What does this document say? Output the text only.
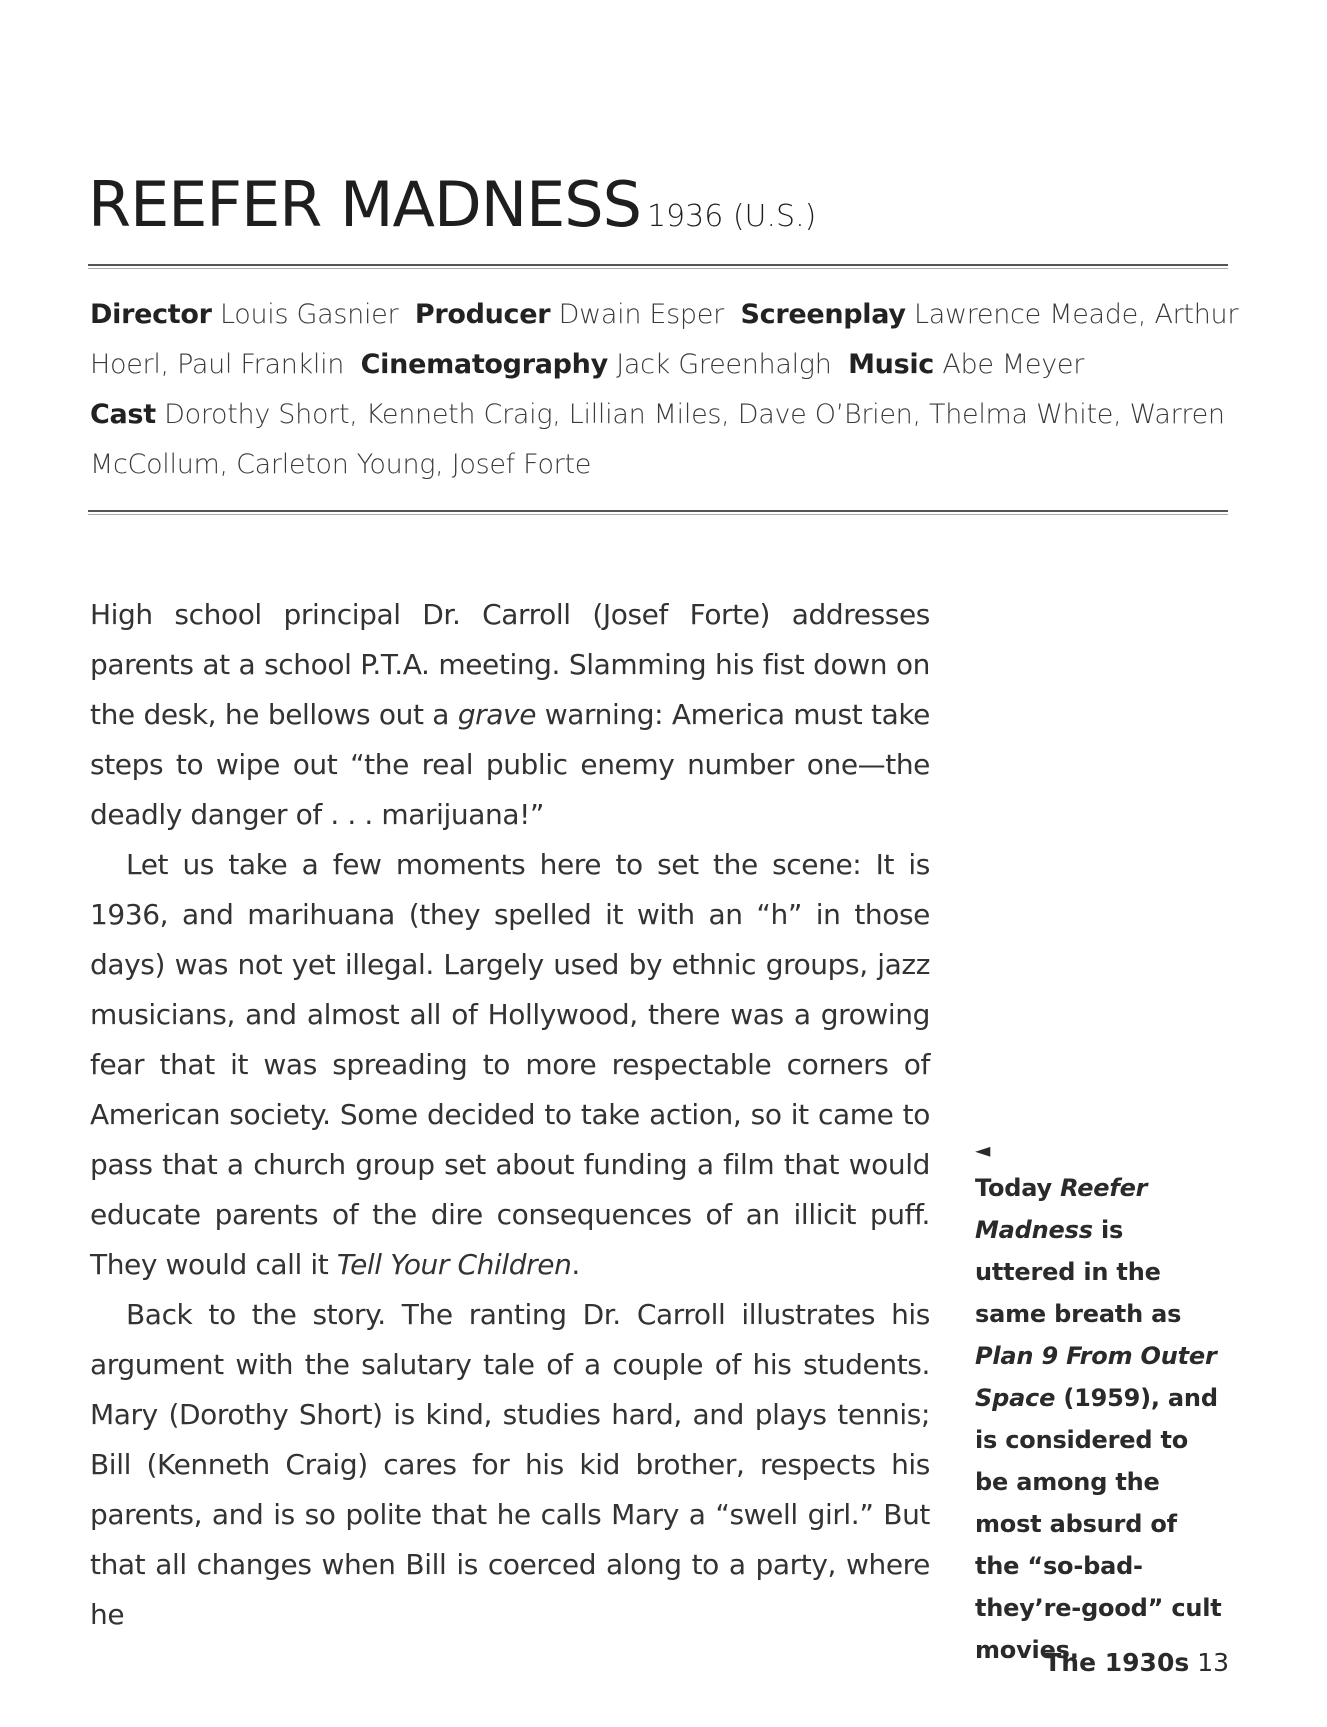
REEFER MADNESS 1936 (U.S.)
Director Louis Gasnier Producer Dwain Esper Screenplay Lawrence Meade, Arthur Hoerl, Paul Franklin Cinematography Jack Greenhalgh Music Abe Meyer
Cast Dorothy Short, Kenneth Craig, Lillian Miles, Dave O’Brien, Thelma White, Warren McCollum, Carleton Young, Josef Forte

High school principal Dr. Carroll (Josef Forte) addresses parents at a school P.T.A. meeting. Slamming his fist down on the desk, he bellows out a grave warning: America must take steps to wipe out “the real public enemy number one—the deadly danger of . . . marijuana!”

Let us take a few moments here to set the scene: It is 1936, and marihuana (they spelled it with an “h” in those days) was not yet illegal. Largely used by ethnic groups, jazz musicians, and almost all of Hollywood, there was a growing fear that it was spreading to more respectable corners of American society. Some decided to take action, so it came to pass that a church group set about funding a film that would educate parents of the dire consequences of an illicit puff. They would call it Tell Your Children.

Back to the story. The ranting Dr. Carroll illustrates his argument with the salutary tale of a couple of his students. Mary (Dorothy Short) is kind, studies hard, and plays tennis; Bill (Kenneth Craig) cares for his kid brother, respects his parents, and is so polite that he calls Mary a “swell girl.” But that all changes when Bill is coerced along to a party, where he

◄
Today Reefer Madness is uttered in the same breath as Plan 9 From Outer Space (1959), and is considered to be among the most absurd of the “so-bad-they’re-good” cult movies.
The 1930s 13
